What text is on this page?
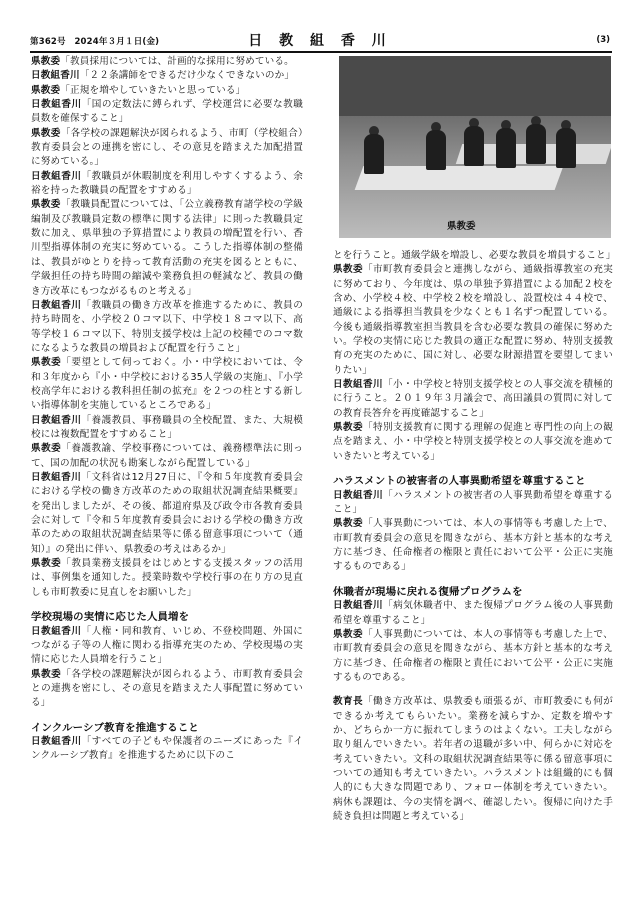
第362号　2024年３月１日(金)	日 教 組 香 川	(3)
県教委

県教委「教員採用については、計画的な採用に努めている。

日教組香川「２２条講師をできるだけ少なくできないのか」

県教委「正規を増やしていきたいと思っている」

日教組香川「国の定数法に縛られず、学校運営に必要な教職員数を確保すること」

県教委「各学校の課題解決が図られるよう、市町（学校組合）教育委員会との連携を密にし、その意見を踏まえた加配措置に努めている。」

日教組香川「教職員が休暇制度を利用しやすくするよう、余裕を持った教職員の配置をすすめる」

県教委「教職員配置については、「公立義務教育諸学校の学級編制及び教職員定数の標準に関する法律」に則った教職員定数に加え、県単独の予算措置により教員の増配置を行い、香川型指導体制の充実に努めている。こうした指導体制の整備は、教員がゆとりを持って教育活動の充実を図るとともに、学級担任の持ち時間の縮減や業務負担の軽減など、教員の働き方改革にもつながるものと考える」

日教組香川「教職員の働き方改革を推進するために、教員の持ち時間を、小学校２０コマ以下、中学校１８コマ以下、高等学校１６コマ以下、特別支援学校は上記の校種でのコマ数になるような教員の増員および配置を行うこと」

県教委「要望として伺っておく。小・中学校においては、令和３年度から『小・中学校における35人学級の実施』、『小学校高学年における教科担任制の拡充』を２つの柱とする新しい指導体制を実施しているところである」

日教組香川「養護教員、事務職員の全校配置、また、大規模校には複数配置をすすめること」

県教委「養護教諭、学校事務については、義務標準法に則って、国の加配の状況も勘案しながら配置している」

日教組香川「文科省は12月27日に、『令和５年度教育委員会における学校の働き方改革のための取組状況調査結果概要』を発出しましたが、その後、都道府県及び政令市各教育委員会に対して『令和５年度教育委員会における学校の働き方改革のための取組状況調査結果等に係る留意事項について（通知）』の発出に伴い、県教委の考えはあるか」

県教委「教員業務支援員をはじめとする支援スタッフの活用は、事例集を通知した。授業時数や学校行事の在り方の見直しも市町教委に見直しをお願いした」

学校現場の実情に応じた人員増を

日教組香川「人権・同和教育、いじめ、不登校問題、外国につながる子等の人権に関わる指導充実のため、学校現場の実情に応じた人員増を行うこと」

県教委「各学校の課題解決が図られるよう、市町教育委員会との連携を密にし、その意見を踏まえた人事配置に努めている」

インクルーシブ教育を推進すること

日教組香川「すべての子どもや保護者のニーズにあった『インクルーシブ教育』を推進するために以下のこ

とを行うこと。通級学級を増設し、必要な教員を増員すること」

県教委「市町教育委員会と連携しながら、通級指導教室の充実に努めており、今年度は、県の単独予算措置による加配２校を含め、小学校４校、中学校２校を増設し、設置校は４４校で、通級による指導担当教員を少なくとも１名ずつ配置している。今後も通級指導教室担当教員を含む必要な教員の確保に努めたい。学校の実情に応じた教員の適正な配置に努め、特別支援教育の充実のために、国に対し、必要な財源措置を要望してまいりたい」

日教組香川「小・中学校と特別支援学校との人事交流を積極的に行うこと。２０１９年３月議会で、高田議員の質問に対しての教育長答弁を再度確認すること」

県教委「特別支援教育に関する理解の促進と専門性の向上の観点を踏まえ、小・中学校と特別支援学校との人事交流を進めていきたいと考えている」

ハラスメントの被害者の人事異動希望を尊重すること

日教組香川「ハラスメントの被害者の人事異動希望を尊重すること」

県教委「人事異動については、本人の事情等も考慮した上で、市町教育委員会の意見を聞きながら、基本方針と基本的な考え方に基づき、任命権者の権限と責任において公平・公正に実施するものである」

休職者が現場に戻れる復帰プログラムを

日教組香川「病気休職者中、また復帰プログラム後の人事異動希望を尊重すること」

県教委「人事異動については、本人の事情等も考慮した上で、市町教育委員会の意見を聞きながら、基本方針と基本的な考え方に基づき、任命権者の権限と責任において公平・公正に実施するものである。

教育長「働き方改革は、県教委も頑張るが、市町教委にも何ができるか考えてもらいたい。業務を減らすか、定数を増やすか、どちらか一方に振れてしまうのはよくない。工夫しながら取り組んでいきたい。若年者の退職が多い中、何らかに対応を考えていきたい。文科の取組状況調査結果等に係る留意事項についての通知も考えていきたい。ハラスメントは組織的にも個人的にも大きな問題であり、フォロー体制を考えていきたい。病休も課題は、今の実情を調べ、確認したい。復帰に向けた手続き負担は問題と考えている」
